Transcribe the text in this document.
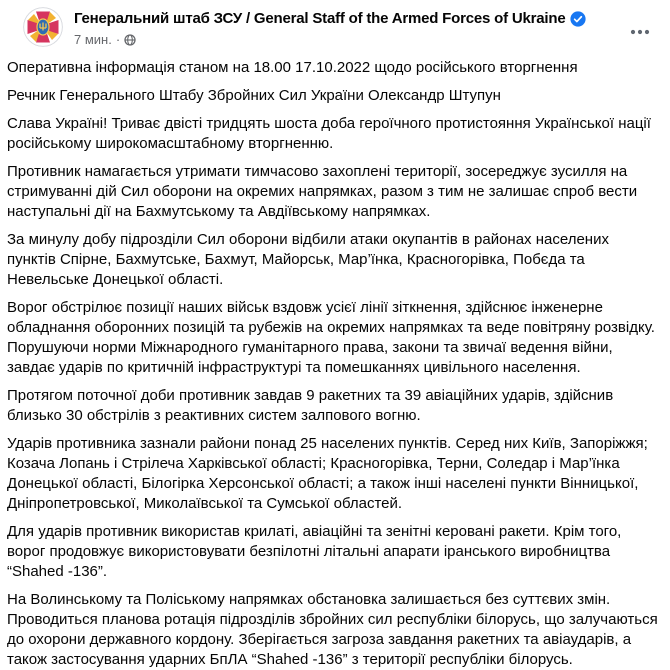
Генеральний штаб ЗСУ / General Staff of the Armed Forces of Ukraine
7 мин. ·

Оперативна інформація станом на 18.00 17.10.2022 щодо російського вторгнення

Речник Генерального Штабу Збройних Сил України Олександр Штупун

Слава Україні! Триває двісті тридцять шоста доба героїчного протистояння Української нації російському широкомасштабному вторгненню.

Противник намагається утримати тимчасово захоплені території, зосереджує зусилля на стримуванні дій Сил оборони на окремих напрямках, разом з тим не залишає спроб вести наступальні дії на Бахмутському та Авдіївському напрямках.

За минулу добу підрозділи Сил оборони відбили атаки окупантів в районах населених пунктів Спірне, Бахмутське, Бахмут, Майорськ, Мар’їнка, Красногорівка, Побєда та Невельське Донецької області.

Ворог обстрілює позиції наших військ вздовж усієї лінії зіткнення, здійснює інженерне обладнання оборонних позицій та рубежів на окремих напрямках та веде повітряну розвідку. Порушуючи норми Міжнародного гуманітарного права, закони та звичаї ведення війни, завдає ударів по критичній інфраструктурі та помешканнях цивільного населення.

Протягом поточної доби противник завдав 9 ракетних та 39 авіаційних ударів, здійснив близько 30 обстрілів з реактивних систем залпового вогню.

Ударів противника зазнали райони понад 25 населених пунктів. Серед них Київ, Запоріжжя; Козача Лопань і Стрілеча Харківської області; Красногорівка, Терни, Соледар і Мар’їнка Донецької області, Білогірка Херсонської області; а також інші населені пункти Вінницької, Дніпропетровської, Миколаївської та Сумської областей.

Для ударів противник використав крилаті, авіаційні та зенітні керовані ракети. Крім того, ворог продовжує використовувати безпілотні літальні апарати іранського виробництва “Shahed -136”.

На Волинському та Поліському напрямках обстановка залишається без суттєвих змін. Проводиться планова ротація підрозділів збройних сил республіки білорусь, що залучаються до охорони державного кордону. Зберігається загроза завдання ракетних та авіаударів, а також застосування ударних БпЛА “Shahed -136” з території республіки білорусь.
